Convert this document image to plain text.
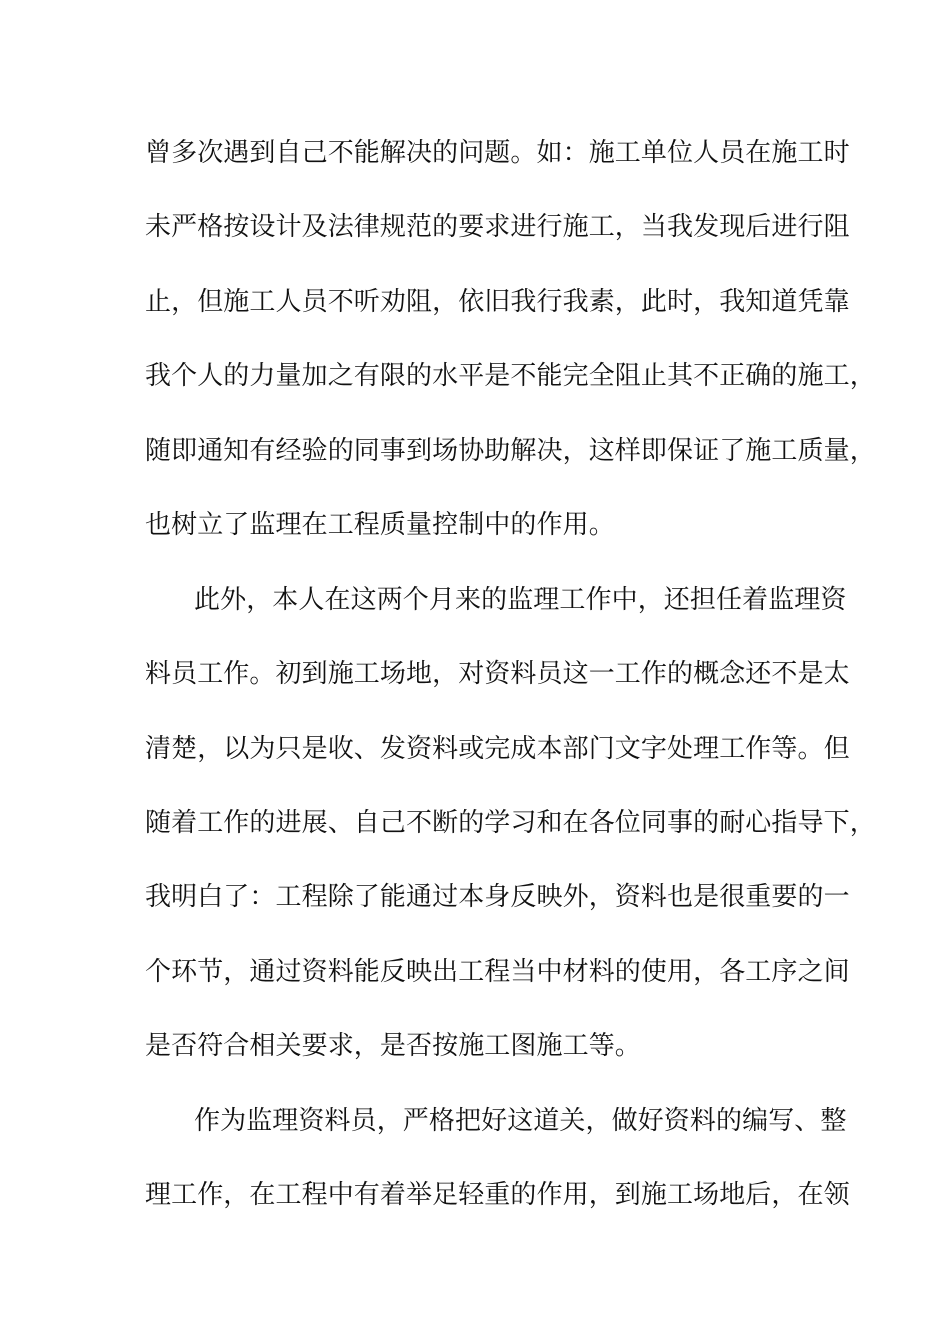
曾多次遇到自己不能解决的问题。如：施工单位人员在施工时
未严格按设计及法律规范的要求进行施工，当我发现后进行阻
止，但施工人员不听劝阻，依旧我行我素，此时，我知道凭靠
我个人的力量加之有限的水平是不能完全阻止其不正确的施工，
随即通知有经验的同事到场协助解决，这样即保证了施工质量，
也树立了监理在工程质量控制中的作用。
此外，本人在这两个月来的监理工作中，还担任着监理资
料员工作。初到施工场地，对资料员这一工作的概念还不是太
清楚，以为只是收、发资料或完成本部门文字处理工作等。但
随着工作的进展、自己不断的学习和在各位同事的耐心指导下，
我明白了：工程除了能通过本身反映外，资料也是很重要的一
个环节，通过资料能反映出工程当中材料的使用，各工序之间
是否符合相关要求，是否按施工图施工等。
作为监理资料员，严格把好这道关，做好资料的编写、整
理工作，在工程中有着举足轻重的作用，到施工场地后，在领
